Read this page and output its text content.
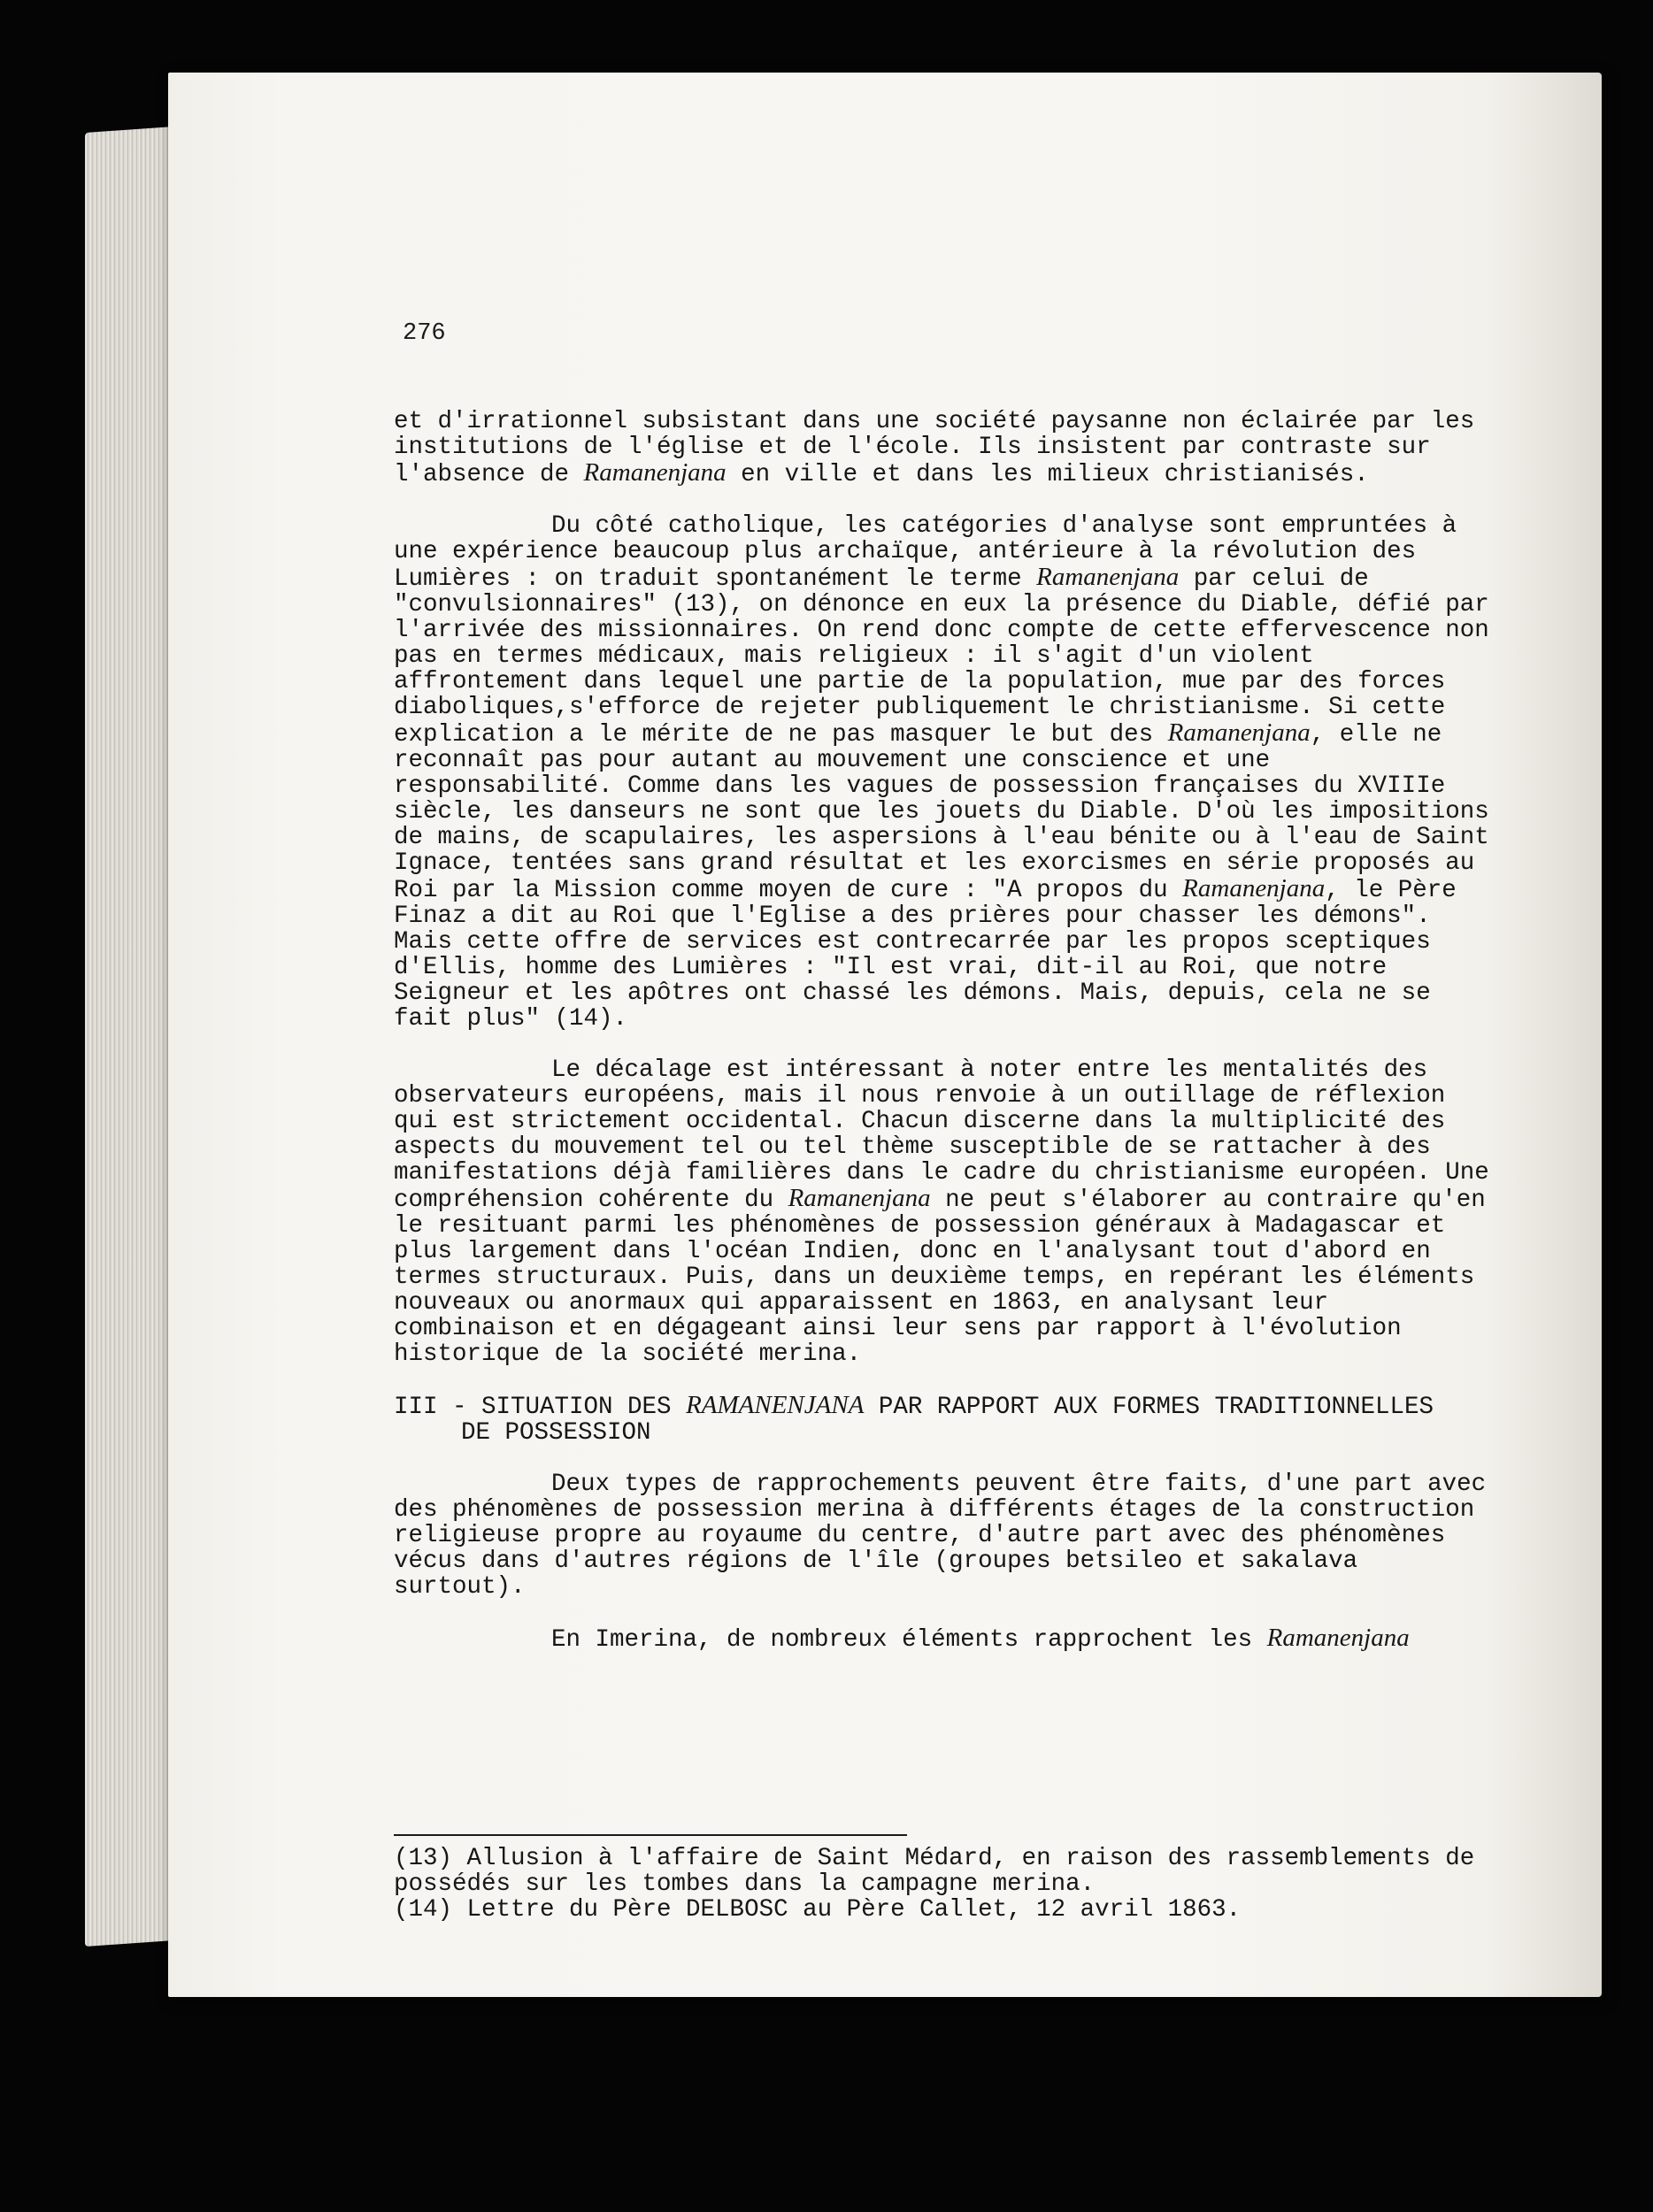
276

et d'irrationnel subsistant dans une société paysanne non éclairée par les institutions de l'église et de l'école. Ils insistent par contraste sur l'absence de Ramanenjana en ville et dans les milieux christianisés.

Du côté catholique, les catégories d'analyse sont empruntées à une expérience beaucoup plus archaïque, antérieure à la révolution des Lumières : on traduit spontanément le terme Ramanenjana par celui de "convulsionnaires" (13), on dénonce en eux la présence du Diable, défié par l'arrivée des missionnaires. On rend donc compte de cette effervescence non pas en termes médicaux, mais religieux : il s'agit d'un violent affrontement dans lequel une partie de la population, mue par des forces diaboliques,s'efforce de rejeter publiquement le christianisme. Si cette explication a le mérite de ne pas masquer le but des Ramanenjana, elle ne reconnaît pas pour autant au mouvement une conscience et une responsabilité. Comme dans les vagues de possession françaises du XVIIIe siècle, les danseurs ne sont que les jouets du Diable. D'où les impositions de mains, de scapulaires, les aspersions à l'eau bénite ou à l'eau de Saint Ignace, tentées sans grand résultat et les exorcismes en série proposés au Roi par la Mission comme moyen de cure : "A propos du Ramanenjana, le Père Finaz a dit au Roi que l'Eglise a des prières pour chasser les démons". Mais cette offre de services est contrecarrée par les propos sceptiques d'Ellis, homme des Lumières : "Il est vrai, dit-il au Roi, que notre Seigneur et les apôtres ont chassé les démons. Mais, depuis, cela ne se fait plus" (14).

Le décalage est intéressant à noter entre les mentalités des observateurs européens, mais il nous renvoie à un outillage de réflexion qui est strictement occidental. Chacun discerne dans la multiplicité des aspects du mouvement tel ou tel thème susceptible de se rattacher à des manifestations déjà familières dans le cadre du christianisme européen. Une compréhension cohérente du Ramanenjana ne peut s'élaborer au contraire qu'en le resituant parmi les phénomènes de possession généraux à Madagascar et plus largement dans l'océan Indien, donc en l'analysant tout d'abord en termes structuraux. Puis, dans un deuxième temps, en repérant les éléments nouveaux ou anormaux qui apparaissent en 1863, en analysant leur combinaison et en dégageant ainsi leur sens par rapport à l'évolution historique de la société merina.

III - SITUATION DES RAMANENJANA PAR RAPPORT AUX FORMES TRADITIONNELLES
DE POSSESSION

Deux types de rapprochements peuvent être faits, d'une part avec des phénomènes de possession merina à différents étages de la construction religieuse propre au royaume du centre, d'autre part avec des phénomènes vécus dans d'autres régions de l'île (groupes betsileo et sakalava surtout).

En Imerina, de nombreux éléments rapprochent les Ramanenjana

(13) Allusion à l'affaire de Saint Médard, en raison des rassemblements de possédés sur les tombes dans la campagne merina.

(14) Lettre du Père DELBOSC au Père Callet, 12 avril 1863.
